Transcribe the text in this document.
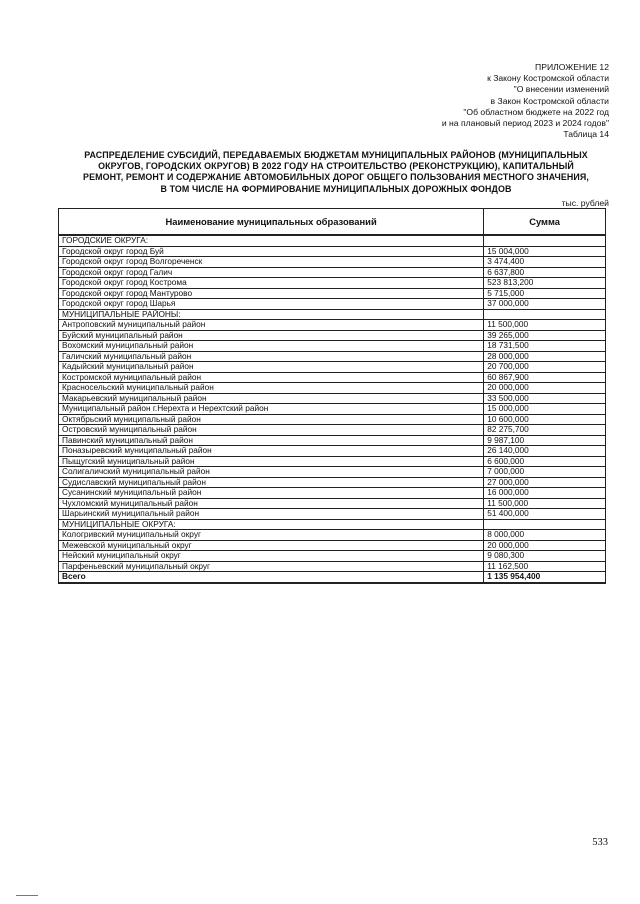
ПРИЛОЖЕНИЕ 12
к Закону Костромской области
"О внесении изменений
в Закон Костромской области
"Об областном бюджете на 2022 год
и на плановый период 2023 и 2024 годов"
Таблица 14
РАСПРЕДЕЛЕНИЕ СУБСИДИЙ, ПЕРЕДАВАЕМЫХ БЮДЖЕТАМ МУНИЦИПАЛЬНЫХ РАЙОНОВ (МУНИЦИПАЛЬНЫХ
ОКРУГОВ, ГОРОДСКИХ ОКРУГОВ) В 2022 ГОДУ НА СТРОИТЕЛЬСТВО (РЕКОНСТРУКЦИЮ), КАПИТАЛЬНЫЙ
РЕМОНТ, РЕМОНТ И СОДЕРЖАНИЕ АВТОМОБИЛЬНЫХ ДОРОГ ОБЩЕГО ПОЛЬЗОВАНИЯ МЕСТНОГО ЗНАЧЕНИЯ,
В ТОМ ЧИСЛЕ НА ФОРМИРОВАНИЕ МУНИЦИПАЛЬНЫХ ДОРОЖНЫХ ФОНДОВ
тыс. рублей
Наименование муниципальных образований	Сумма
ГОРОДСКИЕ ОКРУГА:	
Городской округ город Буй	15 004,000
Городской округ город Волгореченск	3 474,400
Городской округ город Галич	6 637,800
Городской округ город Кострома	523 813,200
Городской округ город Мантурово	5 715,000
Городской округ город Шарья	37 000,000
МУНИЦИПАЛЬНЫЕ РАЙОНЫ:	
Антроповский муниципальный район	11 500,000
Буйский муниципальный район	39 265,000
Вохомский муниципальный район	18 731,500
Галичский муниципальный район	28 000,000
Кадыйский муниципальный район	20 700,000
Костромской муниципальный район	60 867,900
Красносельский муниципальный район	20 000,000
Макарьевский муниципальный район	33 500,000
Муниципальный район г.Нерехта и Нерехтский район	15 000,000
Октябрьский муниципальный район	10 600,000
Островский муниципальный район	82 275,700
Павинский муниципальный район	9 987,100
Поназыревский муниципальный район	26 140,000
Пыщугский муниципальный район	6 600,000
Солигаличский муниципальный район	7 000,000
Судиславский муниципальный район	27 000,000
Сусанинский муниципальный район	16 000,000
Чухломский муниципальный район	11 500,000
Шарьинский муниципальный район	51 400,000
МУНИЦИПАЛЬНЫЕ ОКРУГА:	
Кологривский муниципальный округ	8 000,000
Межевской муниципальный округ	20 000,000
Нейский муниципальный округ	9 080,300
Парфеньевский муниципальный округ	11 162,500
Всего	1 135 954,400
533
